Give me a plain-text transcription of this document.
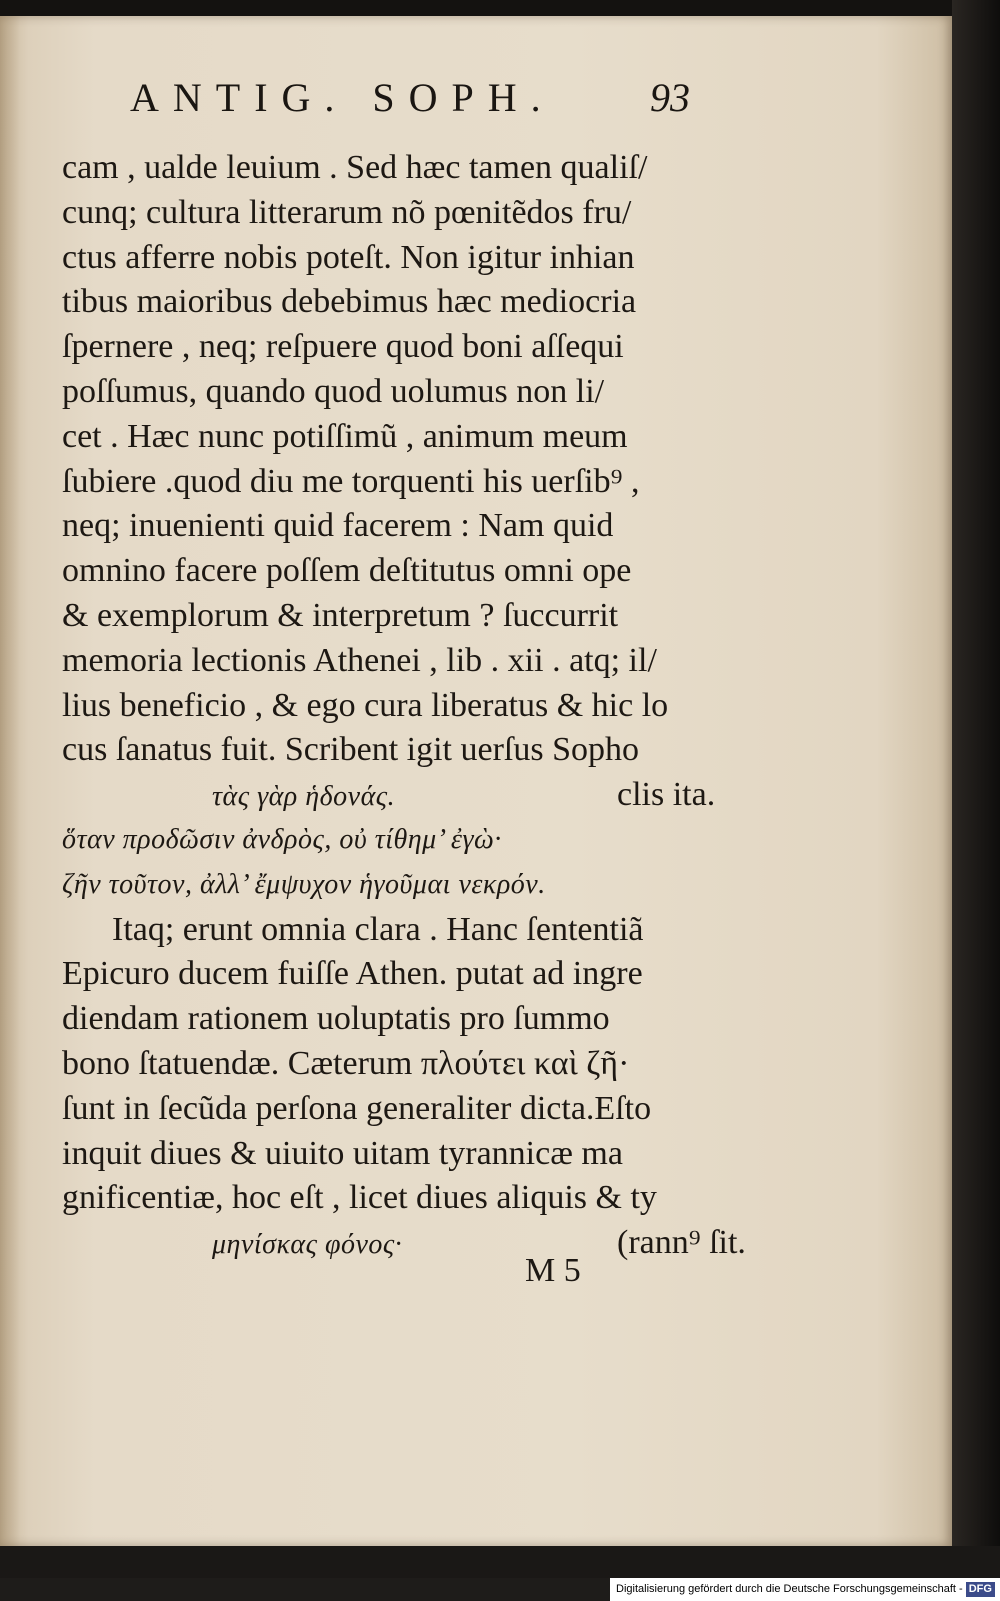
ANTIG. SOPH.	93
cam , ualde leuium . Sed hæc tamen qualiſ/
cunq; cultura litterarum nõ pœnitẽdos fru/
ctus afferre nobis poteſt. Non igitur inhian
tibus maioribus debebimus hæc mediocria
ſpernere , neq; reſpuere quod boni aſſequi
poſſumus, quando quod uolumus non li/
cet . Hæc nunc potiſſimũ , animum meum
ſubiere .quod diu me torquenti his uerſib⁹ ,
neq; inuenienti quid facerem : Nam quid
omnino facere poſſem deſtitutus omni ope
& exemplorum & interpretum ? ſuccurrit
memoria lectionis Athenei , lib . xii . atq; il/
lius beneficio , & ego cura liberatus & hic lo
cus ſanatus fuit. Scribent igit uerſus Sopho
τὰς γὰρ ἡδονάς.	clis ita.
ὅταν προδῶσιν ἀνδρὸς, οὐ τίθημ’ ἐγὼ·
ζῆν τοῦτον, ἀλλ’ ἔμψυχον ἡγοῦμαι νεκρόν.
Itaq; erunt omnia clara . Hanc ſententiã
Epicuro ducem fuiſſe Athen. putat ad ingre
diendam rationem uoluptatis pro ſummo
bono ſtatuendæ. Cæterum πλούτει καὶ ζῆ·
ſunt in ſecũda perſona generaliter dicta.Eſto
inquit diues & uiuito uitam tyrannicæ ma
gnificentiæ, hoc eſt , licet diues aliquis & ty
μηνίσκας φόνος·	(rann⁹ ſit.
M 5
Digitalisierung gefördert durch die Deutsche Forschungsgemeinschaft - DFG
